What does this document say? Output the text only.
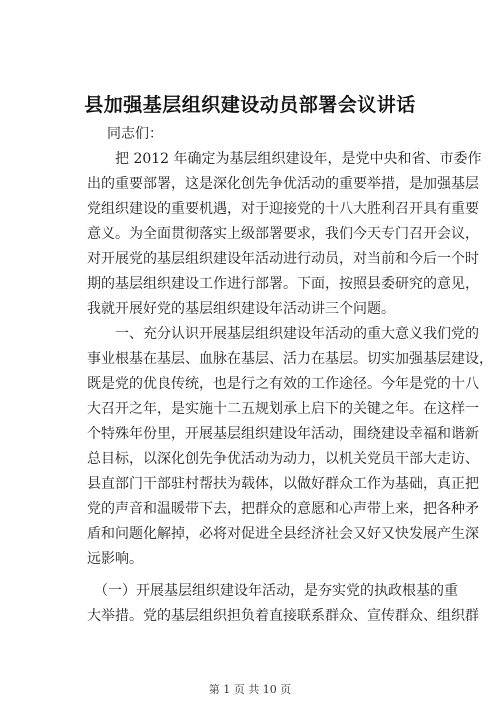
县加强基层组织建设动员部署会议讲话
同志们：
　　把 2012 年确定为基层组织建设年，是党中央和省、市委作
出的重要部署，这是深化创先争优活动的重要举措，是加强基层
党组织建设的重要机遇，对于迎接党的十八大胜利召开具有重要
意义。为全面贯彻落实上级部署要求，我们今天专门召开会议，
对开展党的基层组织建设年活动进行动员，对当前和今后一个时
期的基层组织建设工作进行部署。下面，按照县委研究的意见，
我就开展好党的基层组织建设年活动讲三个问题。
　　一、充分认识开展基层组织建设年活动的重大意义我们党的
事业根基在基层、血脉在基层、活力在基层。切实加强基层建设，
既是党的优良传统，也是行之有效的工作途径。今年是党的十八
大召开之年，是实施十二五规划承上启下的关键之年。在这样一
个特殊年份里，开展基层组织建设年活动，围绕建设幸福和谐新
总目标，以深化创先争优活动为动力，以机关党员干部大走访、
县直部门干部驻村帮扶为载体，以做好群众工作为基础，真正把
党的声音和温暖带下去，把群众的意愿和心声带上来，把各种矛
盾和问题化解掉，必将对促进全县经济社会又好又快发展产生深
远影响。
　（一）开展基层组织建设年活动，是夯实党的执政根基的重
大举措。党的基层组织担负着直接联系群众、宣传群众、组织群
第 1 页 共 10 页
